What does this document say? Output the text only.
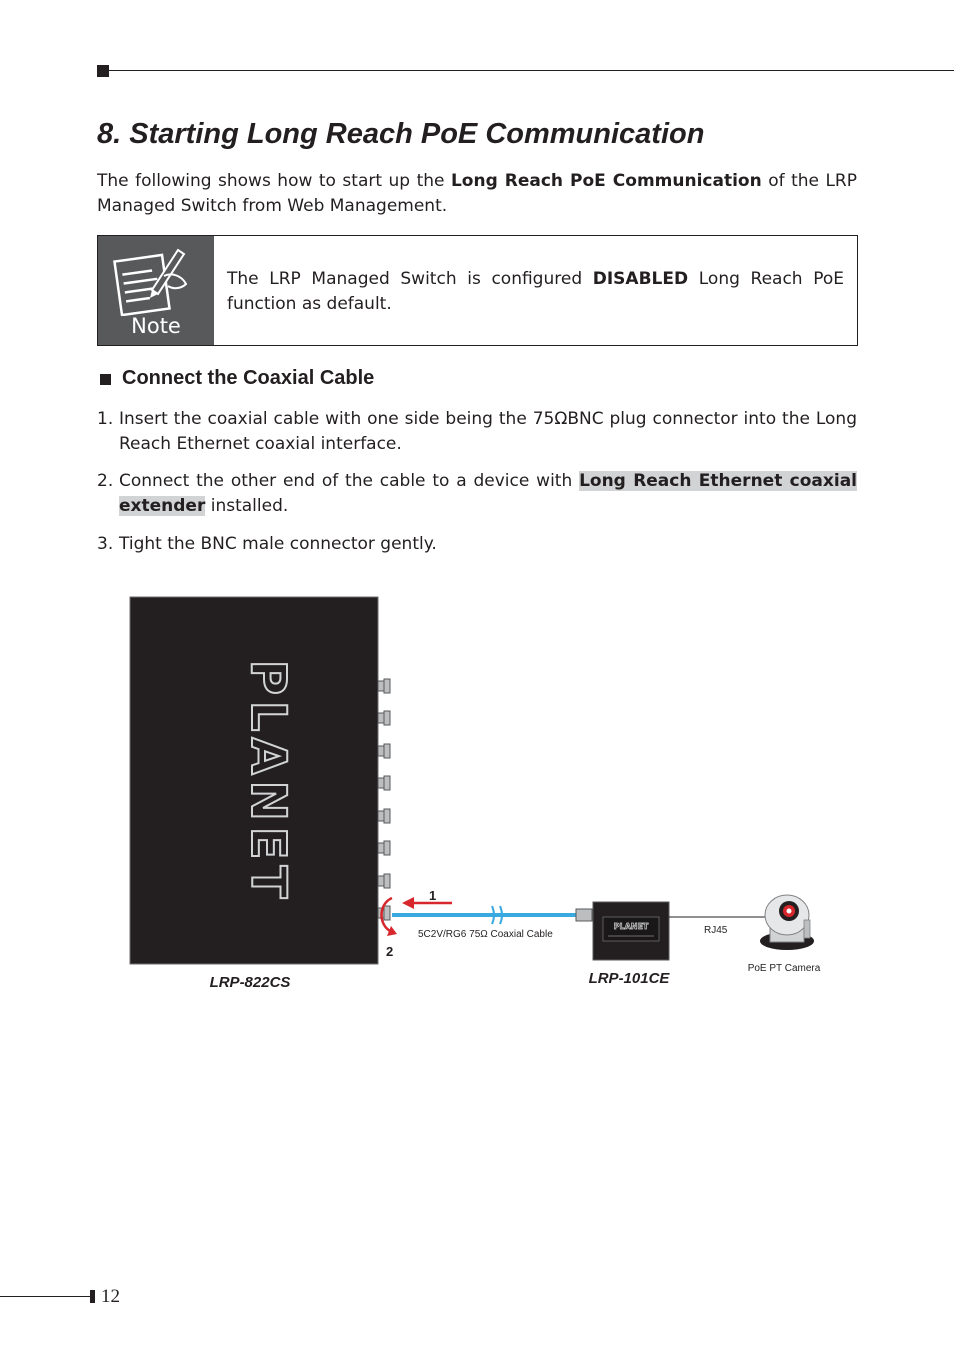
8. Starting Long Reach PoE Communication

The following shows how to start up the Long Reach PoE Communication of the LRP Managed Switch from Web Management.

Note

The LRP Managed Switch is configured DISABLED Long Reach PoE function as default.

Connect the Coaxial Cable
1. Insert the coaxial cable with one side being the 75ΩBNC plug connector into the Long Reach Ethernet coaxial interface.

2. Connect the other end of the cable to a device with Long Reach Ethernet coaxial extender installed.

3. Tight the BNC male connector gently.

PLANET	1
2
5C2V/RG6 75Ω Coaxial Cable
PLANET	RJ45
PoE PT Camera
LRP-822CS	LRP-101CE
12
